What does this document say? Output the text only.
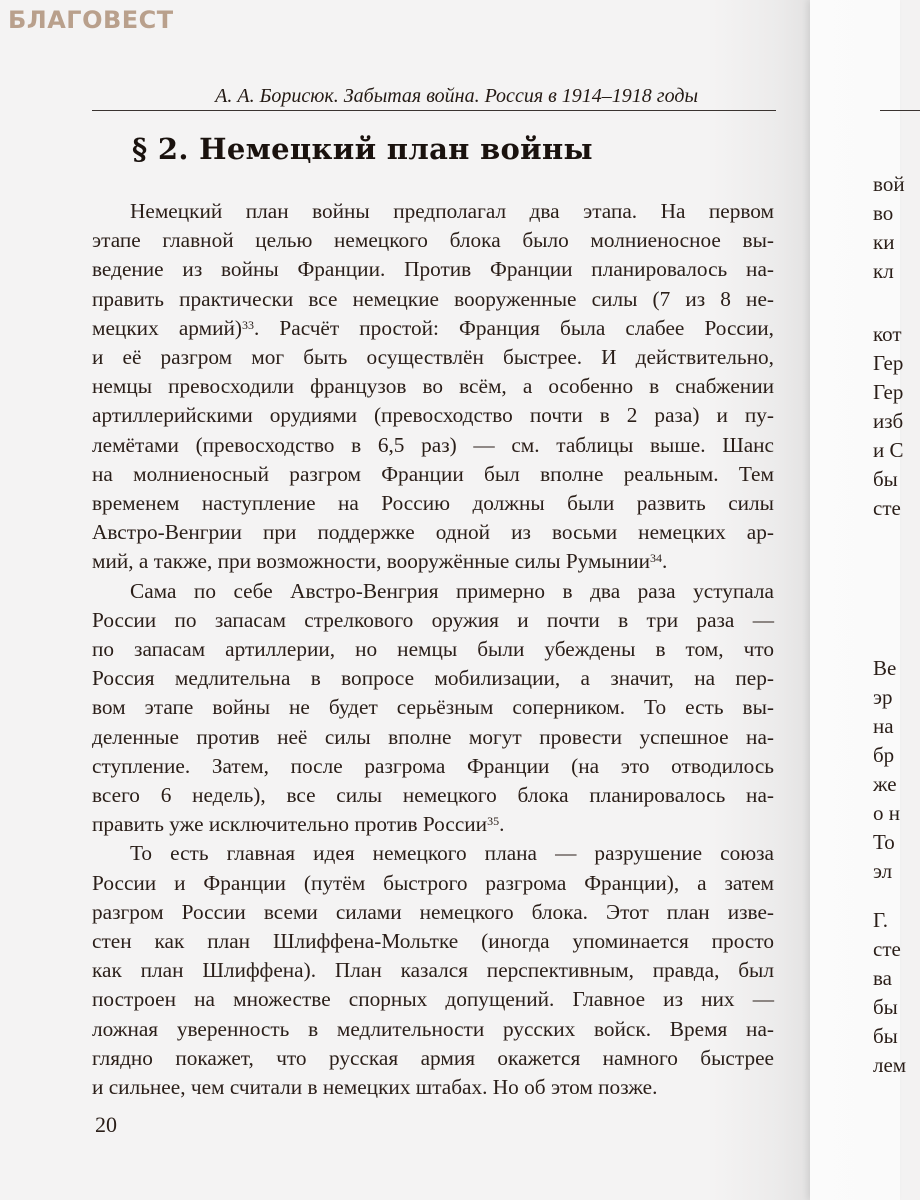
БЛАГОВЕСТ
А. А. Борисюк. Забытая война. Россия в 1914–1918 годы
§ 2. Немецкий план войны
Немецкий план войны предполагал два этапа. На первом
этапе главной целью немецкого блока было молниеносное вы-
ведение из войны Франции. Против Франции планировалось на-
править практически все немецкие вооруженные силы (7 из 8 не-
мецких армий)$^{33}$. Расчёт простой: Франция была слабее России,
и её разгром мог быть осуществлён быстрее. И действительно,
немцы превосходили французов во всём, а особенно в снабжении
артиллерийскими орудиями (превосходство почти в 2 раза) и пу-
лемётами (превосходство в 6,5 раз) — см. таблицы выше. Шанс
на молниеносный разгром Франции был вполне реальным. Тем
временем наступление на Россию должны были развить силы
Австро-Венгрии при поддержке одной из восьми немецких ар-
мий, а также, при возможности, вооружённые силы Румынии$^{34}$.
Сама по себе Австро-Венгрия примерно в два раза уступала
России по запасам стрелкового оружия и почти в три раза —
по запасам артиллерии, но немцы были убеждены в том, что
Россия медлительна в вопросе мобилизации, а значит, на пер-
вом этапе войны не будет серьёзным соперником. То есть вы-
деленные против неё силы вполне могут провести успешное на-
ступление. Затем, после разгрома Франции (на это отводилось
всего 6 недель), все силы немецкого блока планировалось на-
править уже исключительно против России$^{35}$.
То есть главная идея немецкого плана — разрушение союза
России и Франции (путём быстрого разгрома Франции), а затем
разгром России всеми силами немецкого блока. Этот план изве-
стен как план Шлиффена-Мольтке (иногда упоминается просто
как план Шлиффена). План казался перспективным, правда, был
построен на множестве спорных допущений. Главное из них —
ложная уверенность в медлительности русских войск. Время на-
глядно покажет, что русская армия окажется намного быстрее
и сильнее, чем считали в немецких штабах. Но об этом позже.
20
вoй
во
ки
кл
кот
Гер
Гер
изб
и С
бы
сте
Ве
эр
на
бр
же
о н
То
эл
Г.
сте
ва
бы
бы
лем
